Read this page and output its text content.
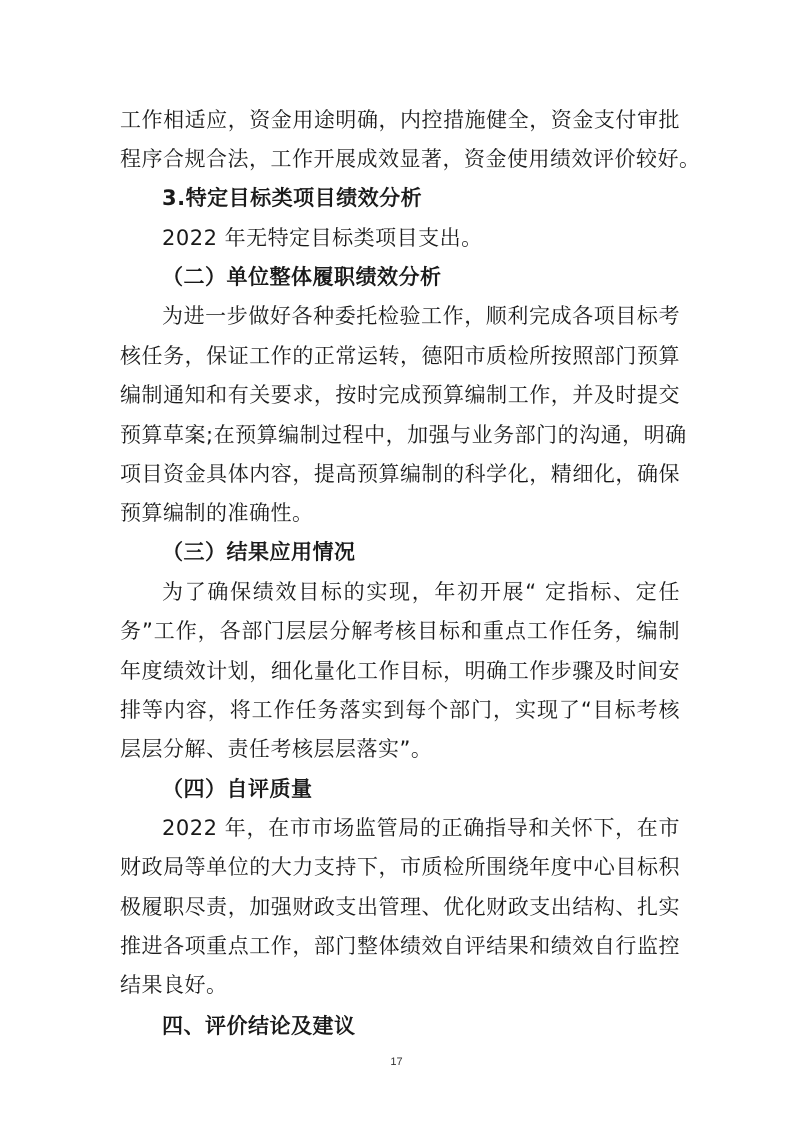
工作相适应，资金用途明确，内控措施健全，资金支付审批
程序合规合法，工作开展成效显著，资金使用绩效评价较好。
3.特定目标类项目绩效分析
2022 年无特定目标类项目支出。
（二）单位整体履职绩效分析
为进一步做好各种委托检验工作，顺利完成各项目标考
核任务，保证工作的正常运转，德阳市质检所按照部门预算
编制通知和有关要求，按时完成预算编制工作，并及时提交
预算草案;在预算编制过程中，加强与业务部门的沟通，明确
项目资金具体内容，提高预算编制的科学化，精细化，确保
预算编制的准确性。
（三）结果应用情况
为了确保绩效目标的实现，年初开展“ 定指标、定任
务”工作，各部门层层分解考核目标和重点工作任务，编制
年度绩效计划，细化量化工作目标，明确工作步骤及时间安
排等内容，将工作任务落实到每个部门，实现了“目标考核
层层分解、责任考核层层落实”。
（四）自评质量
2022 年，在市市场监管局的正确指导和关怀下，在市
财政局等单位的大力支持下，市质检所围绕年度中心目标积
极履职尽责，加强财政支出管理、优化财政支出结构、扎实
推进各项重点工作，部门整体绩效自评结果和绩效自行监控
结果良好。
四、评价结论及建议
17
